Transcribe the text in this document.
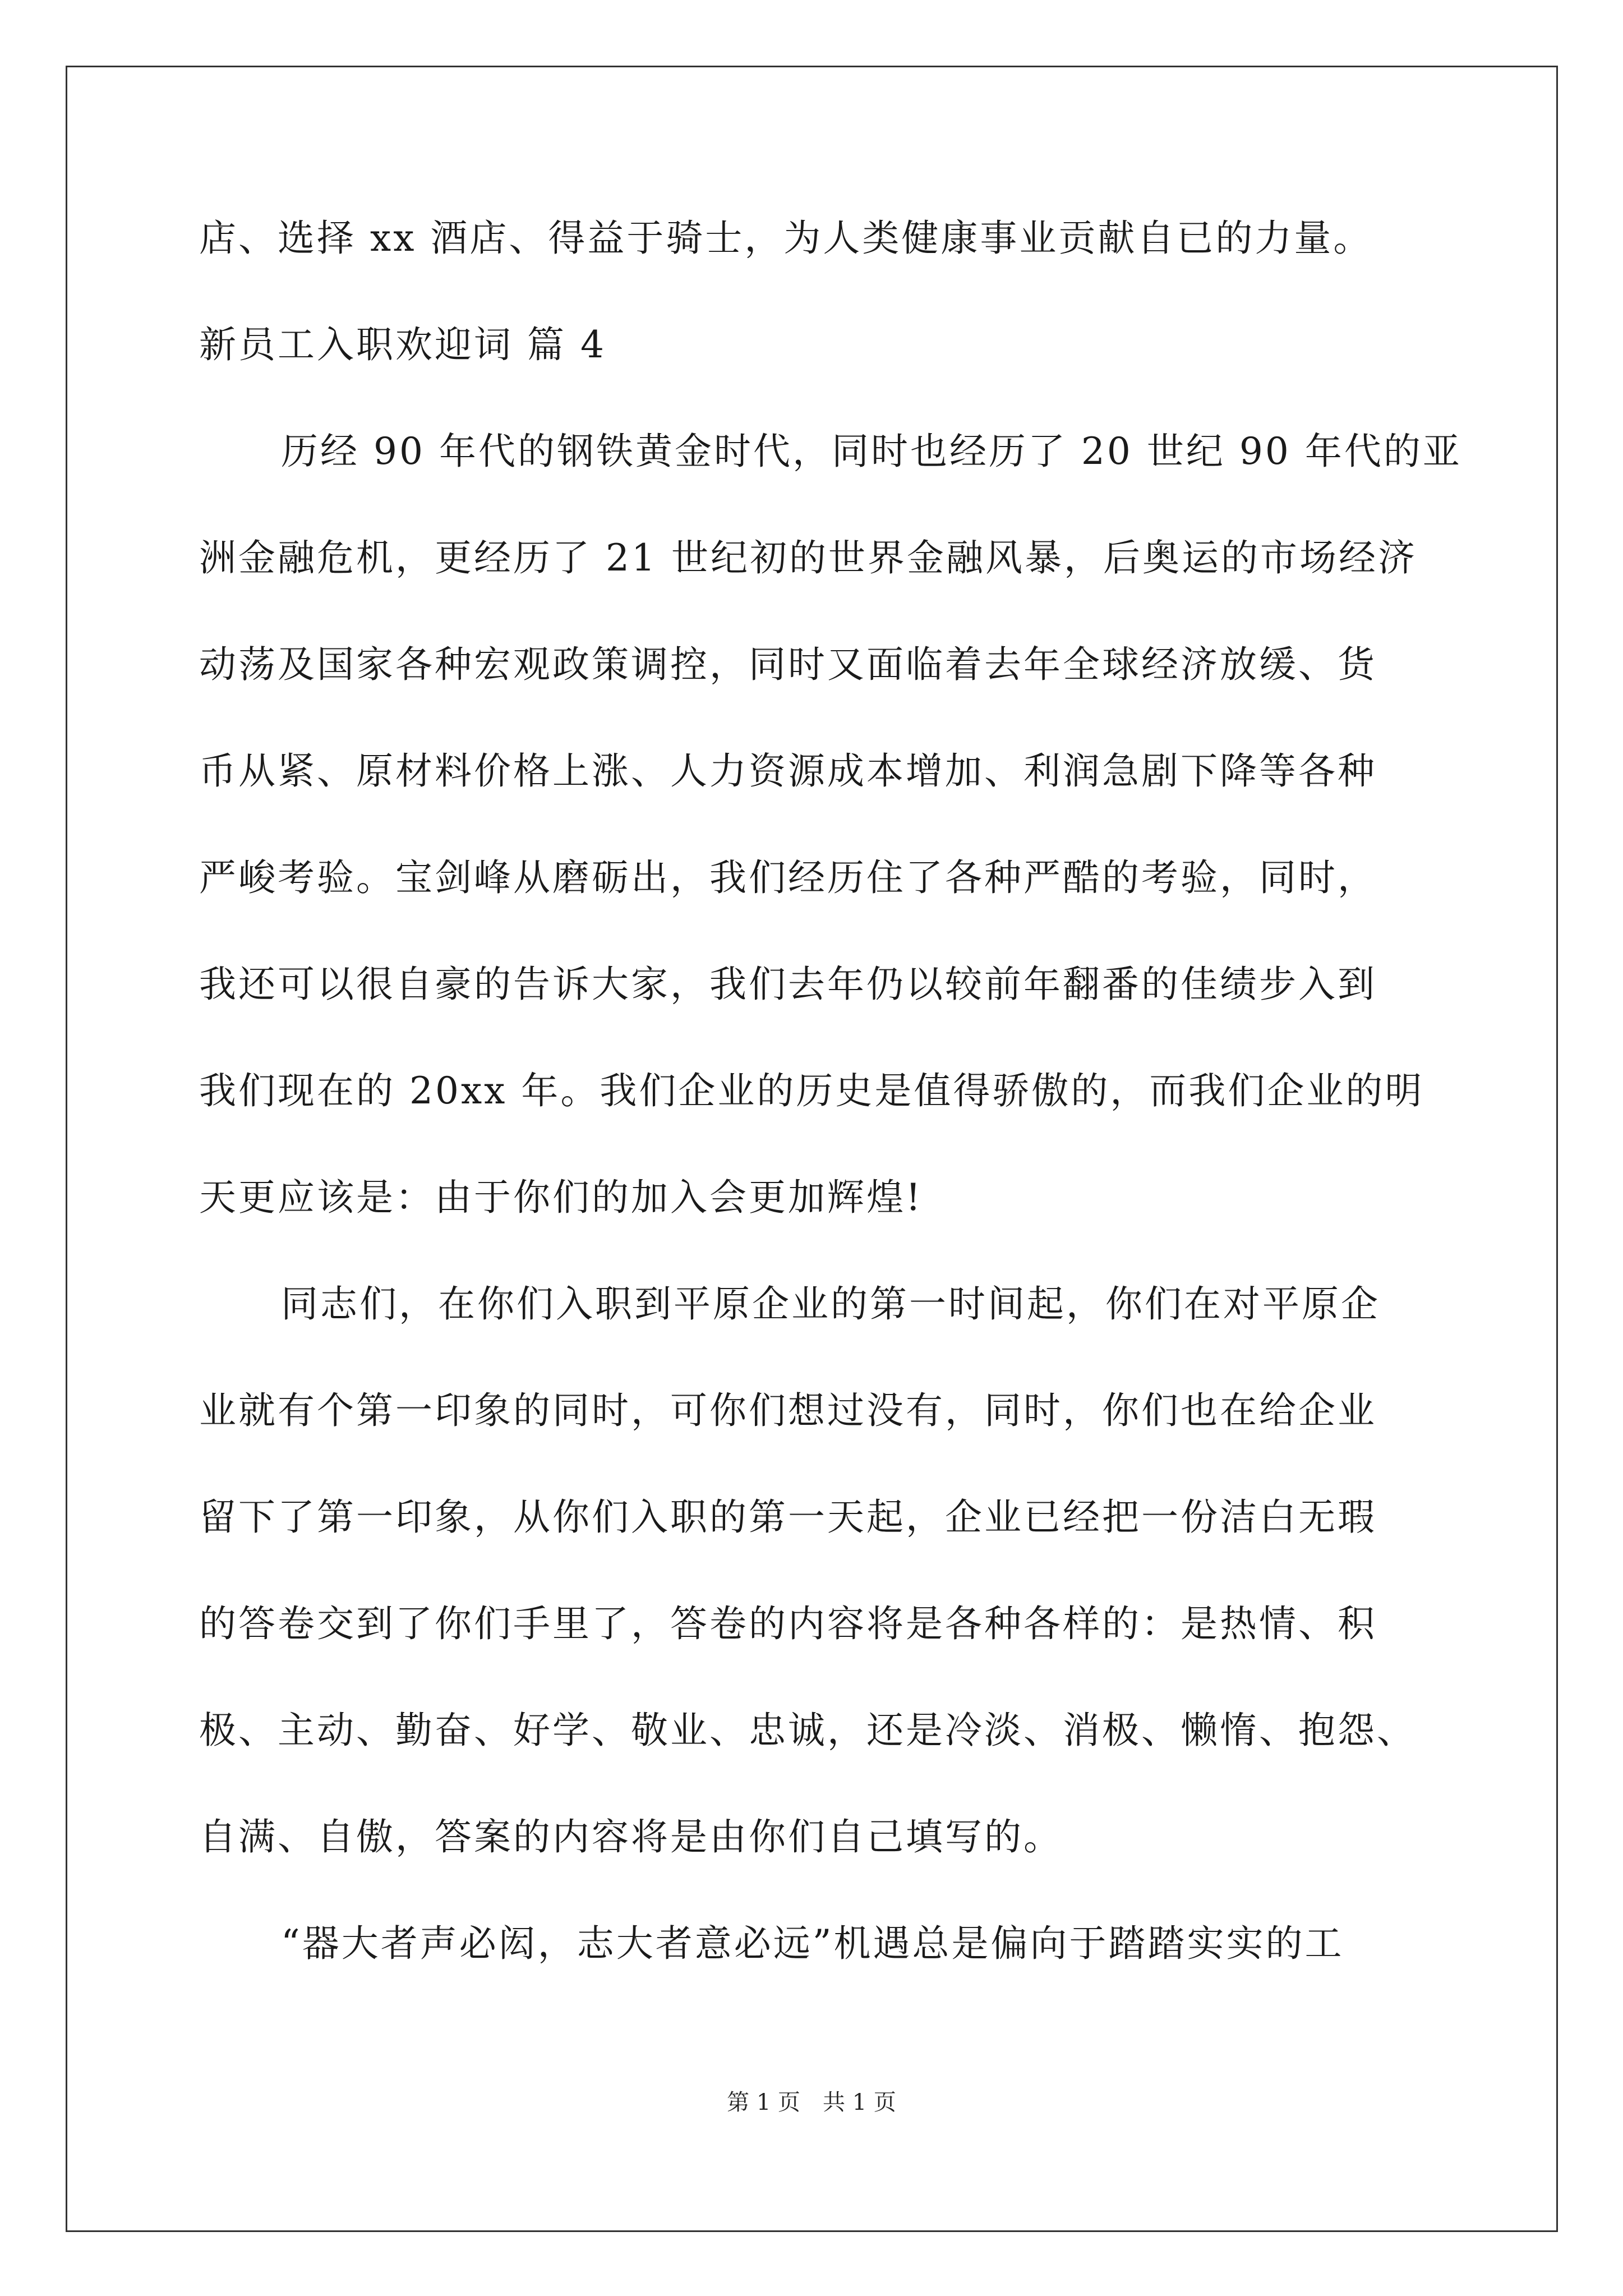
店、选择 xx 酒店、得益于骑士，为人类健康事业贡献自已的力量。
新员工入职欢迎词 篇 4
历经 90 年代的钢铁黄金时代，同时也经历了 20 世纪 90 年代的亚
洲金融危机，更经历了 21 世纪初的世界金融风暴，后奥运的市场经济
动荡及国家各种宏观政策调控，同时又面临着去年全球经济放缓、货
币从紧、原材料价格上涨、人力资源成本增加、利润急剧下降等各种
严峻考验。宝剑峰从磨砺出，我们经历住了各种严酷的考验，同时，
我还可以很自豪的告诉大家，我们去年仍以较前年翻番的佳绩步入到
我们现在的 20xx 年。我们企业的历史是值得骄傲的，而我们企业的明
天更应该是：由于你们的加入会更加辉煌!
同志们，在你们入职到平原企业的第一时间起，你们在对平原企
业就有个第一印象的同时，可你们想过没有，同时，你们也在给企业
留下了第一印象，从你们入职的第一天起，企业已经把一份洁白无瑕
的答卷交到了你们手里了，答卷的内容将是各种各样的：是热情、积
极、主动、勤奋、好学、敬业、忠诚，还是冷淡、消极、懒惰、抱怨、
自满、自傲，答案的内容将是由你们自己填写的。
“器大者声必闳，志大者意必远”机遇总是偏向于踏踏实实的工
第 1 页 共 1 页
